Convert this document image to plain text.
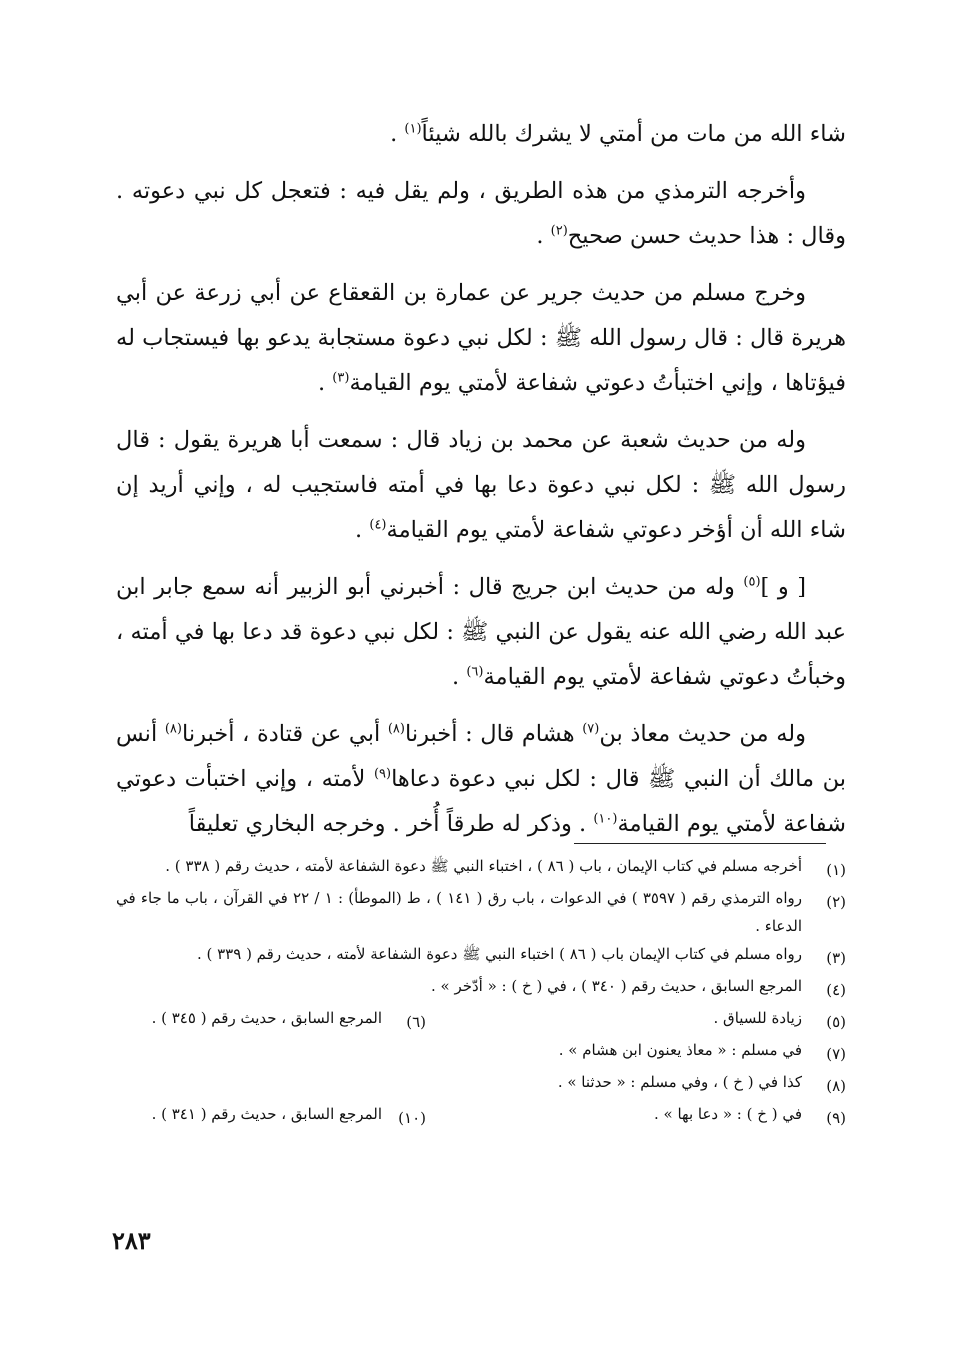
شاء الله من مات من أمتي لا يشرك بالله شيئاً$^{(١)}$ .

وأخرجه الترمذي من هذه الطريق ، ولم يقل فيه : فتعجل كل نبي دعوته . وقال : هذا حديث حسن صحيح$^{(٢)}$ .

وخرج مسلم من حديث جرير عن عمارة بن القعقاع عن أبي زرعة عن أبي هريرة قال : قال رسول الله ﷺ : لكل نبي دعوة مستجابة يدعو بها فيستجاب له فيؤتاها ، وإني اختبأتُ دعوتي شفاعة لأمتي يوم القيامة$^{(٣)}$ .

وله من حديث شعبة عن محمد بن زياد قال : سمعت أبا هريرة يقول : قال رسول الله ﷺ : لكل نبي دعوة دعا بها في أمته فاستجيب له ، وإني أريد إن شاء الله أن أؤخر دعوتي شفاعة لأمتي يوم القيامة$^{(٤)}$ .

[ و ]$^{(٥)}$ وله من حديث ابن جريج قال : أخبرني أبو الزبير أنه سمع جابر ابن عبد الله رضي الله عنه يقول عن النبي ﷺ : لكل نبي دعوة قد دعا بها في أمته ، وخبأتُ دعوتي شفاعة لأمتي يوم القيامة$^{(٦)}$ .

وله من حديث معاذ بن$^{(٧)}$ هشام قال : أخبرنا$^{(٨)}$ أبي عن قتادة ، أخبرنا$^{(٨)}$ أنس بن مالك أن النبي ﷺ قال : لكل نبي دعوة دعاها$^{(٩)}$ لأمته ، وإني اختبأت دعوتي شفاعة لأمتي يوم القيامة$^{(١٠)}$ . وذكر له طرقاً أُخر . وخرجه البخاري تعليقاً

(١)
أخرجه مسلم في كتاب الإيمان ، باب ( ٨٦ ) ، اختباء النبي ﷺ دعوة الشفاعة لأمته ، حديث رقم ( ٣٣٨ ) .
(٢)
رواه الترمذي رقم ( ٣٥٩٧ ) في الدعوات ، باب رق ( ١٤١ ) ، ط (الموطأ) : ١ / ٢٢ في القرآن ، باب ما جاء في الدعاء .
(٣)
رواه مسلم في كتاب الإيمان باب ( ٨٦ ) اختباء النبي ﷺ دعوة الشفاعة لأمته ، حديث رقم ( ٣٣٩ ) .
(٤)
المرجع السابق ، حديث رقم ( ٣٤٠ ) ، في ( خ ) : « أدّخر » .
(٥)
زيادة للسياق .
(٦)
المرجع السابق ، حديث رقم ( ٣٤٥ ) .
(٧)
في مسلم : « معاذ يعنون ابن هشام » .
(٨)
كذا في ( خ ) ، وفي مسلم : « حدثنا » .
(٩)
في ( خ ) : « دعا بها » .
(١٠)
المرجع السابق ، حديث رقم ( ٣٤١ ) .
٢٨٣
